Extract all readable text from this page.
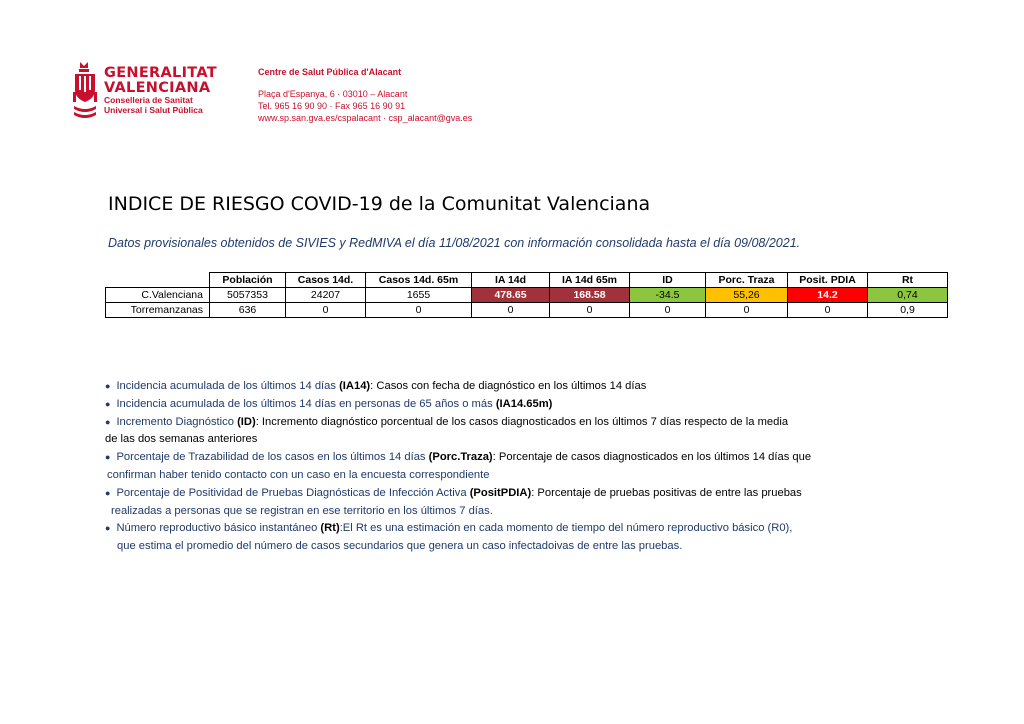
GENERALITAT
VALENCIANA
Conselleria de Sanitat
Universal i Salut Pública
Centre de Salut Pública d'Alacant
Plaça d'Espanya, 6 · 03010 – Alacant
Tel. 965 16 90 90 · Fax 965 16 90 91
www.sp.san.gva.es/cspalacant · csp_alacant@gva.es
INDICE DE RIESGO COVID-19 de la Comunitat Valenciana
Datos provisionales obtenidos de SIVIES y RedMIVA el día 11/08/2021 con información consolidada hasta el día 09/08/2021.
	Población	Casos 14d.	Casos 14d. 65m	IA 14d	IA 14d 65m	ID	Porc. Traza	Posit. PDIA	Rt
C.Valenciana	5057353	24207	1655	478.65	168.58	-34.5	55,26	14.2	0,74
Torremanzanas	636	0	0	0	0	0	0	0	0,9
● Incidencia acumulada de los últimos 14 días (IA14): Casos con fecha de diagnóstico en los últimos 14 días
● Incidencia acumulada de los últimos 14 días en personas de 65 años o más (IA14.65m)
● Incremento Diagnóstico (ID): Incremento diagnóstico porcentual de los casos diagnosticados en los últimos 7 días respecto de la media
de las dos semanas anteriores
● Porcentaje de Trazabilidad de los casos en los últimos 14 días (Porc.Traza): Porcentaje de casos diagnosticados en los últimos 14 días que
confirman haber tenido contacto con un caso en la encuesta correspondiente
● Porcentaje de Positividad de Pruebas Diagnósticas de Infección Activa (PositPDIA): Porcentaje de pruebas positivas de entre las pruebas
realizadas a personas que se registran en ese territorio en los últimos 7 días.
● Número reproductivo básico instantáneo (Rt):El Rt es una estimación en cada momento de tiempo del número reproductivo básico (R0),
que estima el promedio del número de casos secundarios que genera un caso infectadoivas de entre las pruebas.
